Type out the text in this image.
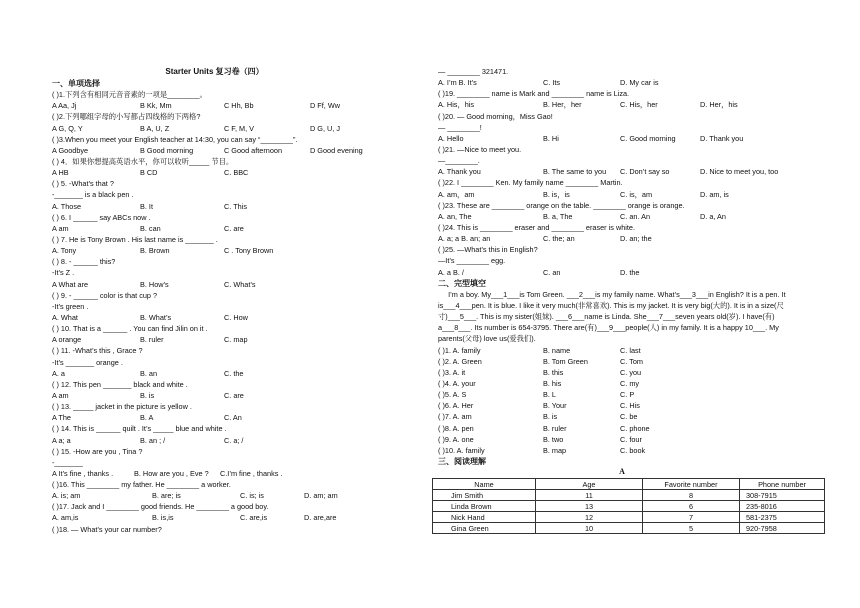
Starter Units 复习卷（四）
一、单项选择
( )1.下列含有相同元音音素的一项是________。
A Aa, Jj	B Kk, Mm	C Hh, Bb	D Ff, Ww
( )2.下列哪组字母的小写都占四线格的下两格?
A G, Q, Y	B A, U, Z	C F, M, V	D G, U, J
( )3.When you meet your English teacher at 14:30, you can say “________”.
A Goodbye	B Good morning	C Good afternoon	D Good evening
( ) 4．如果你想提高英语水平，你可以收听_____ 节目。
A HB	B CD	C. BBC
( ) 5. -What’s that ?
-_______ is a black pen .
A. Those	B. It	C. This
( ) 6. I ______ say ABCs now .
A am	B. can	C. are
( ) 7. He is Tony Brown . His last name is _______ .
A. Tony	B. Brown	C . Tony Brown
( ) 8. - ______ this?
-It’s Z .
A What are	B. How’s	C. What’s
( ) 9. - ______ color is that cup ?
-It’s green .
A. What	B. What’s	C. How
( ) 10. That is a ______ . You can find Jilin on it .
A orange	B. ruler	C. map
( ) 11. -What’s this , Grace ?
-It’s _______ orange .
A. a	B. an	C. the
( ) 12. This pen _______ black and white .
A am	B. is	C. are
( ) 13. _____ jacket in the picture is yellow .
A The	B. A	C. An
( ) 14. This is ______ quilt . It’s _____ blue and white .
A a; a	B. an ; /	C. a; /
( ) 15. -How are you , Tina ?
-_______
A It’s fine , thanks .	B. How are you , Eve ? C.I’m fine , thanks .
( )16. This ________ my father. He ________ a worker.
A. is; am	B. are; is	C. is; is	D. am; am
( )17. Jack and I ________ good friends. He ________ a good boy.
A. am,is	B. is,is	C. are,is	D. are,are
( )18. — What’s your car number?
— ________ 321471.
A. I’m B. It’s	C. Its	D. My car is
( )19. ________ name is Mark and ________ name is Liza.
A. His，his	B. Her，her	C. His，her	D. Her，his
( )20. — Good morning，Miss Gao!
— ________!
A. Hello	B. Hi	C. Good morning	D. Thank you
( )21. —Nice to meet you.
—________.
A. Thank you	B. The same to you C. Don’t say so	D. Nice to meet you, too
( )22. I ________ Ken. My family name ________ Martin.
A. am，am	B. is，is	C. is，am	D. am, is
( )23. These are ________ orange on the table. ________ orange is orange.
A. an, The	B. a, The	C. an. An	D. a, An
( )24. This is ________ eraser and ________ eraser is white.
A. a; a B. an; an	C. the; an	D. an; the
( )25. —What’s this in English?
—It’s ________ egg.
A. a B. /	C. an	D. the
二、完型填空
I’m a boy. My___1___is Tom Green. ___2___is my family name. What’s___3___in English? It is a pen. It is___4___pen. It is blue. I like it very much(非常喜欢). This is my jacket. It is very big(大的). It is in a size(尺寸)___5___. This is my sister(姐妹). ___6___name is Linda. She___7___seven years old(岁). I have(有) a___8___. Its number is 654-3795. There are(有)___9___people(人) in my family. It is a happy 10___. My parents(父母) love us(爱我们).
( )1. A. family	B. name	C. last
( )2. A. Green	B. Tom Green	C. Tom
( )3. A. it	B. this	C. you
( )4. A. your	B. his	C. my
( )5. A. S	B. L	C. P
( )6. A. Her	B. Your	C. His
( )7. A. am	B. is	C. be
( )8. A. pen	B. ruler	C. phone
( )9. A. one	B. two	C. four
( )10. A. family	B. map	C. book
三、阅读理解
A
Name	Age	Favorite number	Phone number
Jim Smith	11	8	308-7915
Linda Brown	13	6	235-8016
Nick Hand	12	7	581-2375
Gina Green	10	5	920-7958
